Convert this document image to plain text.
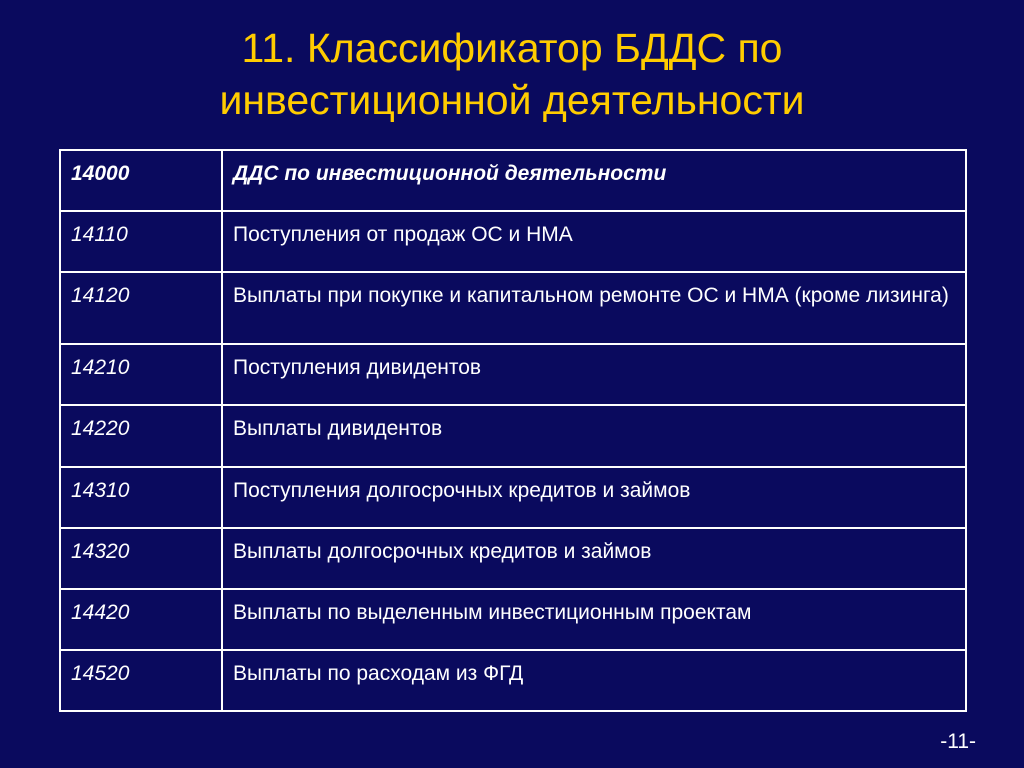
11. Классификатор БДДС по
инвестиционной деятельности
14000	ДДС по инвестиционной деятельности
14110	Поступления от продаж ОС и НМА
14120	Выплаты при покупке и капитальном ремонте ОС и НМА (кроме лизинга)
14210	Поступления дивидентов
14220	Выплаты дивидентов
14310	Поступления долгосрочных кредитов и займов
14320	Выплаты долгосрочных кредитов и займов
14420	Выплаты по выделенным инвестиционным проектам
14520	Выплаты по расходам из ФГД
-11-
